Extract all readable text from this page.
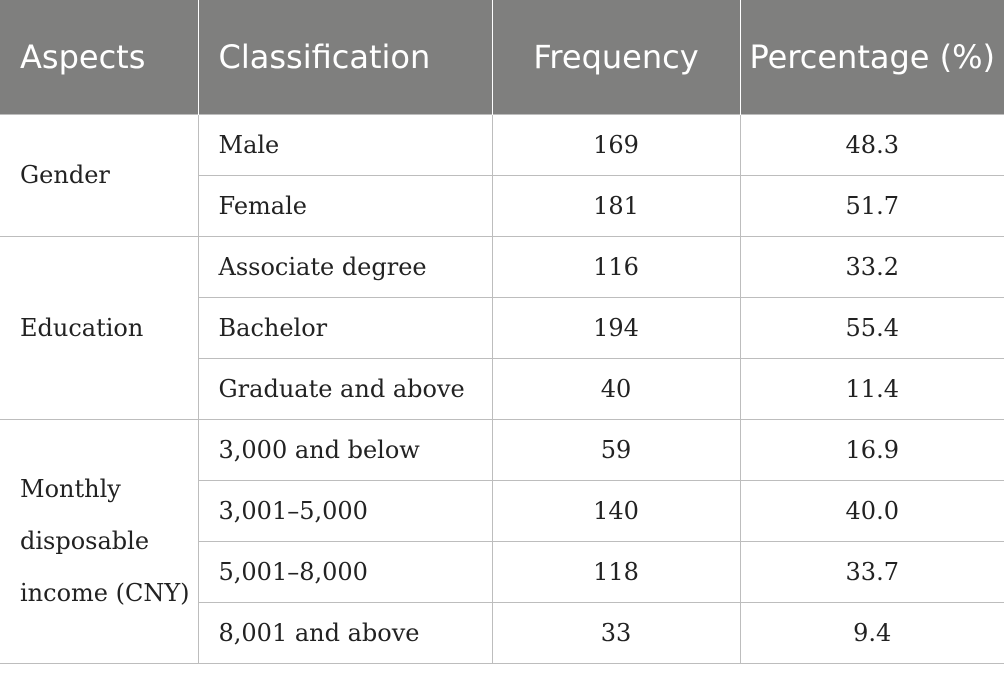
Aspects	Classification	Frequency	Percentage (%)
Gender	Male	169	48.3
	Female	181	51.7
Education	Associate degree	116	33.2
	Bachelor	194	55.4
	Graduate and above	40	11.4
Monthly disposable income (CNY)	3,000 and below	59	16.9
	3,001–5,000	140	40.0
	5,001–8,000	118	33.7
	8,001 and above	33	9.4
